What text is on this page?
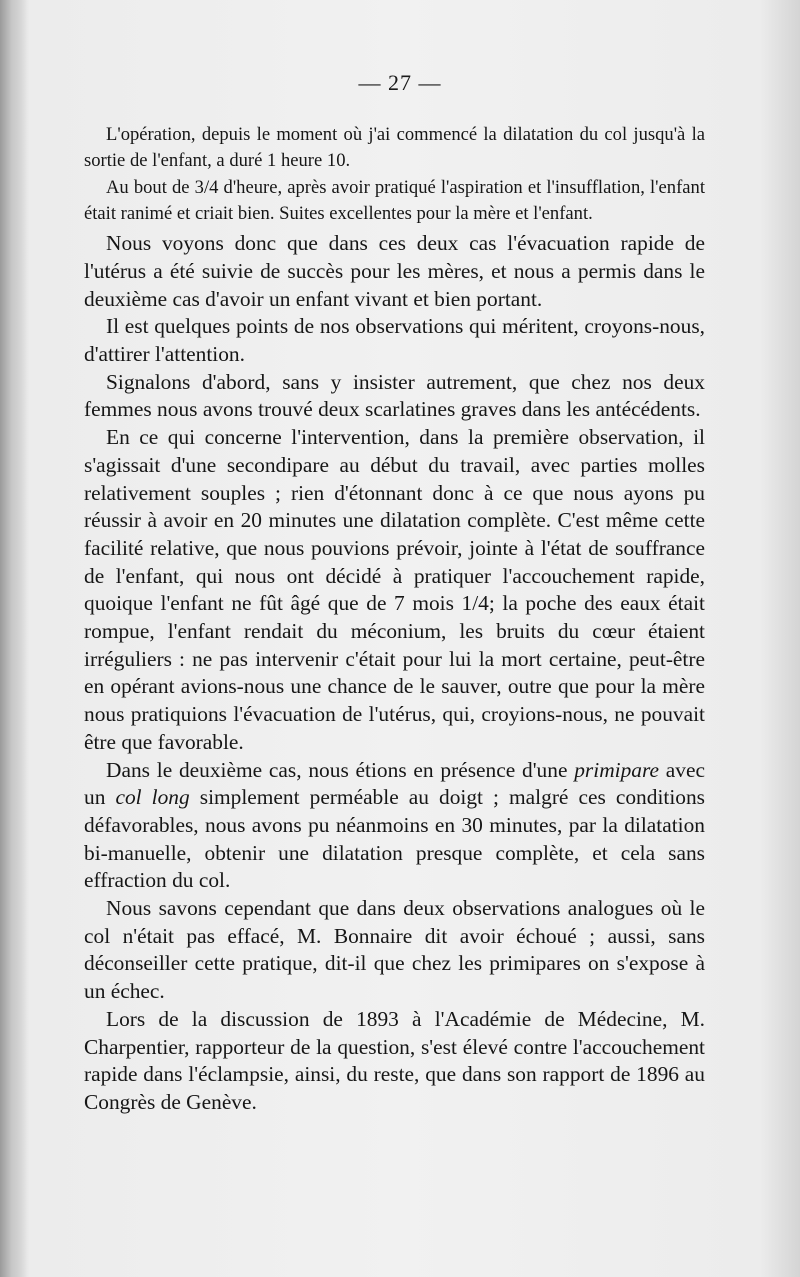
— 27 —

L'opération, depuis le moment où j'ai commencé la dilatation du col jusqu'à la sortie de l'enfant, a duré 1 heure 10.

Au bout de 3/4 d'heure, après avoir pratiqué l'aspiration et l'insufflation, l'enfant était ranimé et criait bien. Suites excellentes pour la mère et l'enfant.

Nous voyons donc que dans ces deux cas l'évacuation rapide de l'utérus a été suivie de succès pour les mères, et nous a permis dans le deuxième cas d'avoir un enfant vivant et bien portant.

Il est quelques points de nos observations qui méritent, croyons-nous, d'attirer l'attention.

Signalons d'abord, sans y insister autrement, que chez nos deux femmes nous avons trouvé deux scarlatines graves dans les antécédents.

En ce qui concerne l'intervention, dans la première observation, il s'agissait d'une secondipare au début du travail, avec parties molles relativement souples ; rien d'étonnant donc à ce que nous ayons pu réussir à avoir en 20 minutes une dilatation complète. C'est même cette facilité relative, que nous pouvions prévoir, jointe à l'état de souffrance de l'enfant, qui nous ont décidé à pratiquer l'accouchement rapide, quoique l'enfant ne fût âgé que de 7 mois 1/4; la poche des eaux était rompue, l'enfant rendait du méconium, les bruits du cœur étaient irréguliers : ne pas intervenir c'était pour lui la mort certaine, peut-être en opérant avions-nous une chance de le sauver, outre que pour la mère nous pratiquions l'évacuation de l'utérus, qui, croyions-nous, ne pouvait être que favorable.

Dans le deuxième cas, nous étions en présence d'une primipare avec un col long simplement perméable au doigt ; malgré ces conditions défavorables, nous avons pu néanmoins en 30 minutes, par la dilatation bi-manuelle, obtenir une dilatation presque complète, et cela sans effraction du col.

Nous savons cependant que dans deux observations analogues où le col n'était pas effacé, M. Bonnaire dit avoir échoué ; aussi, sans déconseiller cette pratique, dit-il que chez les primipares on s'expose à un échec.

Lors de la discussion de 1893 à l'Académie de Médecine, M. Charpentier, rapporteur de la question, s'est élevé contre l'accouchement rapide dans l'éclampsie, ainsi, du reste, que dans son rapport de 1896 au Congrès de Genève.
